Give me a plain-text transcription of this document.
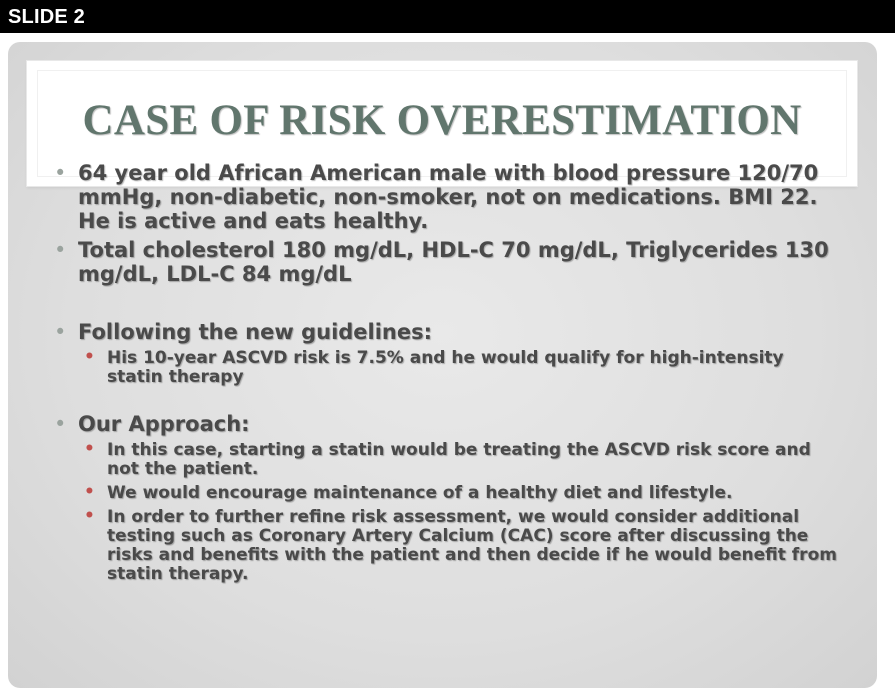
SLIDE 2
CASE OF RISK OVERESTIMATION
• 64 year old African American male with blood pressure 120/70 mmHg, non-diabetic, non-smoker, not on medications. BMI 22. He is active and eats healthy.
• Total cholesterol 180 mg/dL, HDL-C 70 mg/dL, Triglycerides 130 mg/dL, LDL-C 84 mg/dL
• Following the new guidelines:
• His 10-year ASCVD risk is 7.5% and he would qualify for high-intensity statin therapy
• Our Approach:
• In this case, starting a statin would be treating the ASCVD risk score and not the patient.
• We would encourage maintenance of a healthy diet and lifestyle.
• In order to further refine risk assessment, we would consider additional testing such as Coronary Artery Calcium (CAC) score after discussing the risks and benefits with the patient and then decide if he would benefit from statin therapy.
